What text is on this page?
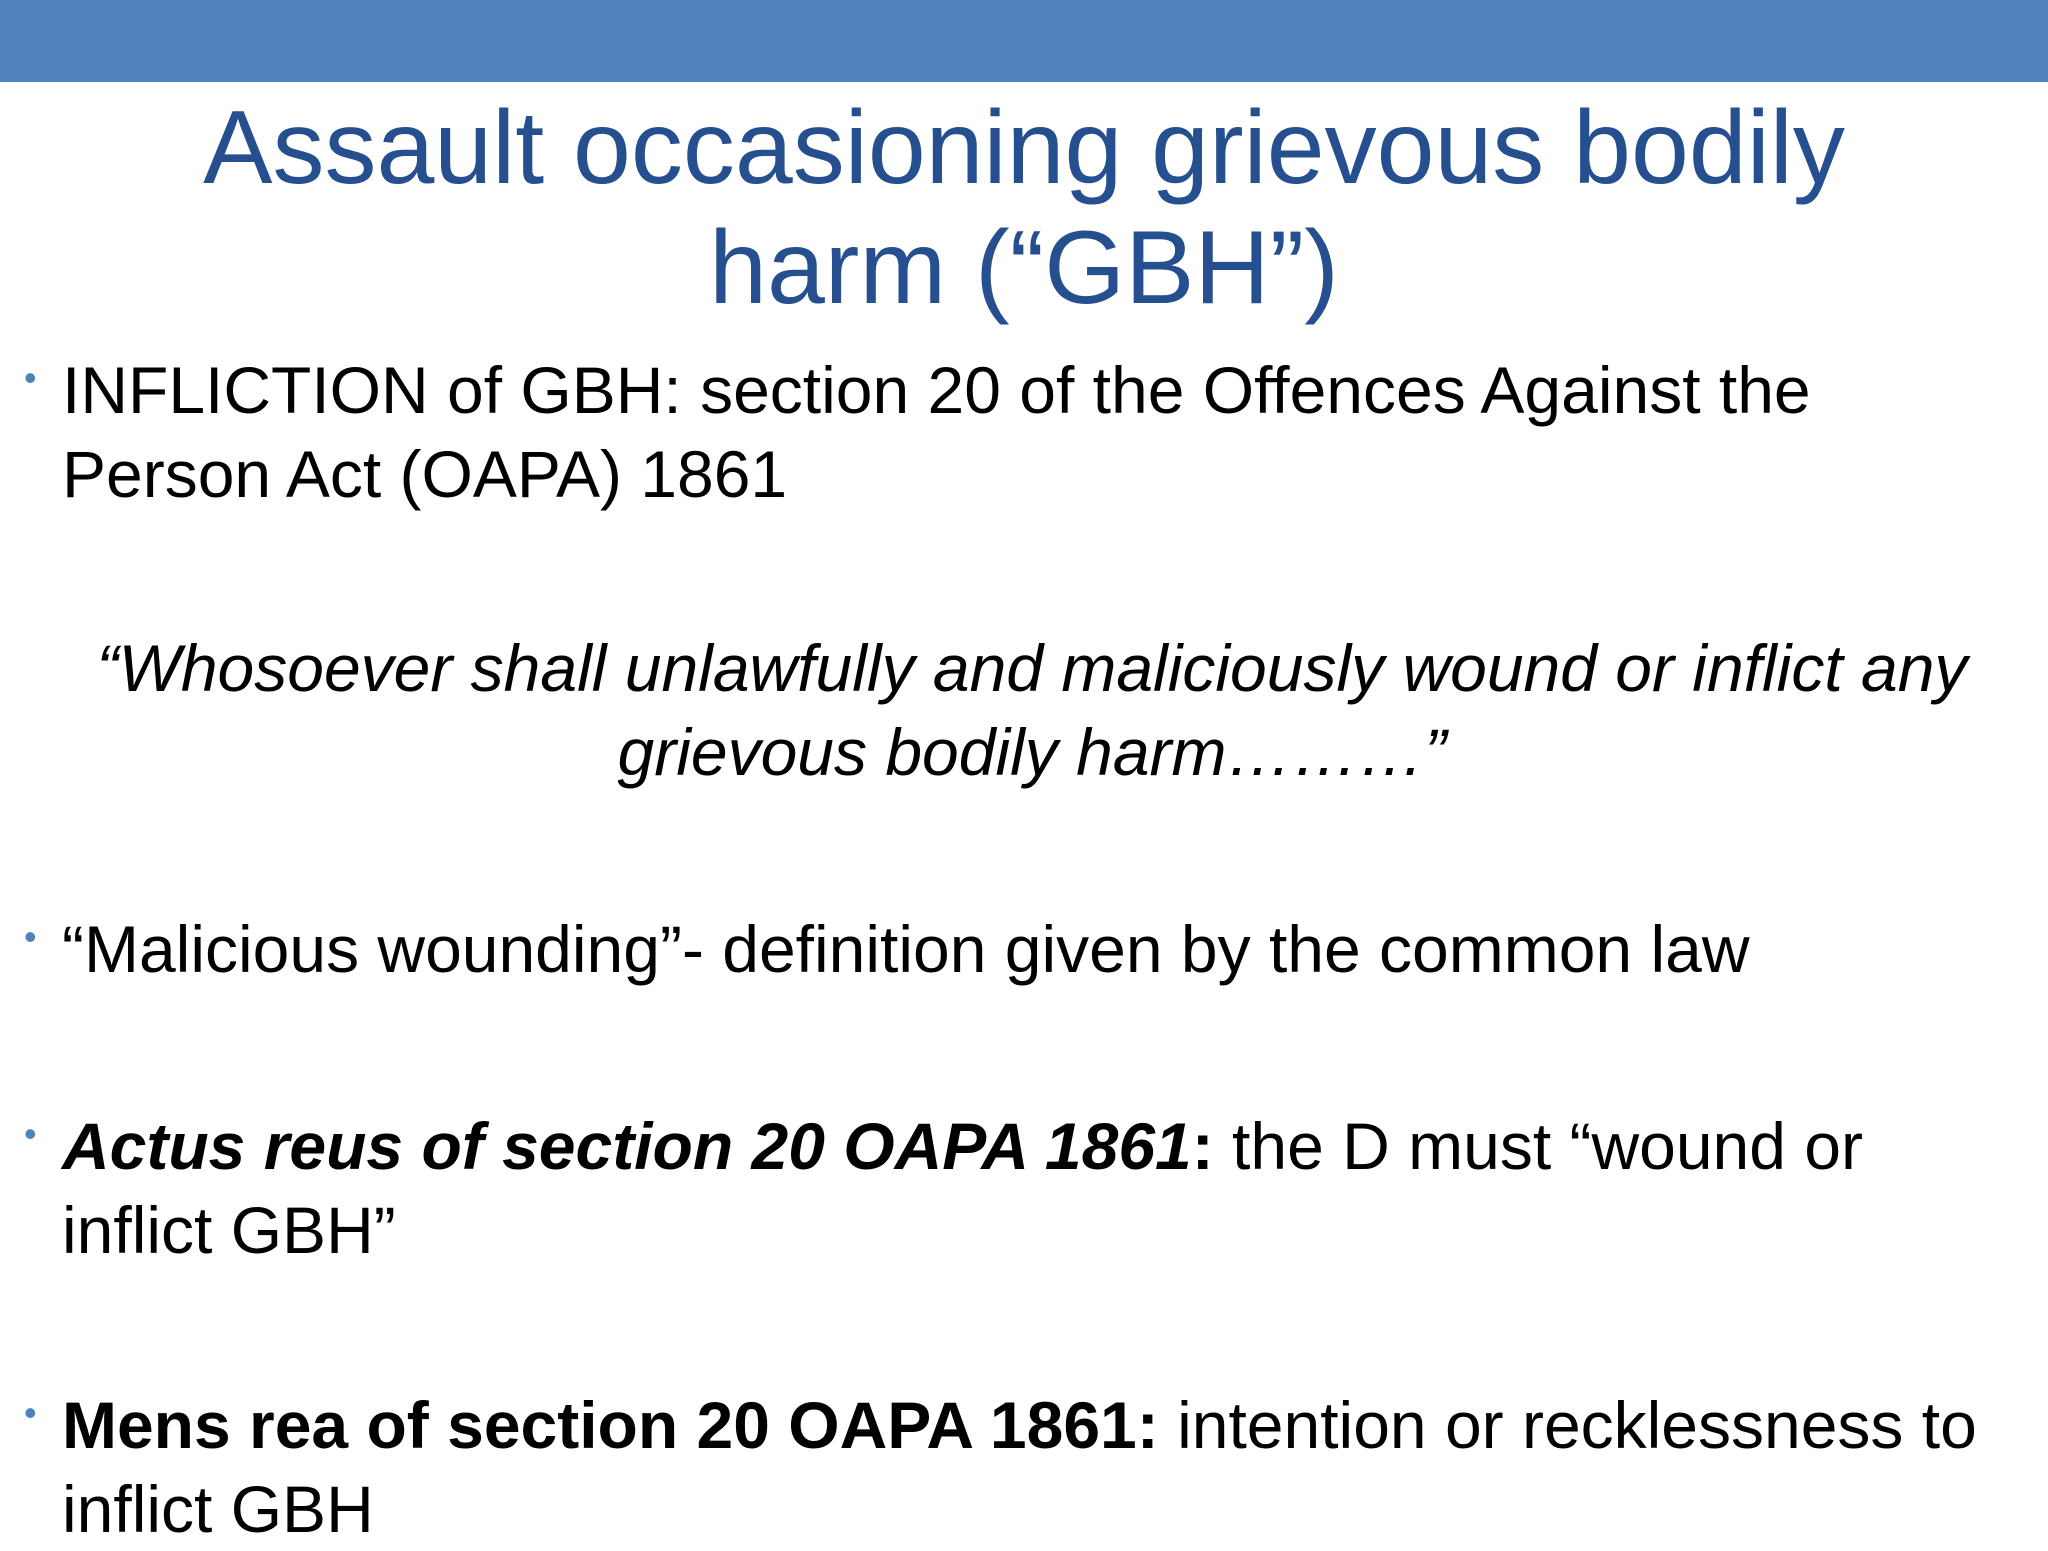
Assault occasioning grievous bodily
harm (“GBH”)
• INFLICTION of GBH: section 20 of the Offences Against the Person Act (OAPA) 1861
“Whosoever shall unlawfully and maliciously wound or inflict any
grievous bodily harm………”
• “Malicious wounding”- definition given by the common law
• Actus reus of section 20 OAPA 1861: the D must “wound or inflict GBH”
• Mens rea of section 20 OAPA 1861: intention or recklessness to inflict GBH
